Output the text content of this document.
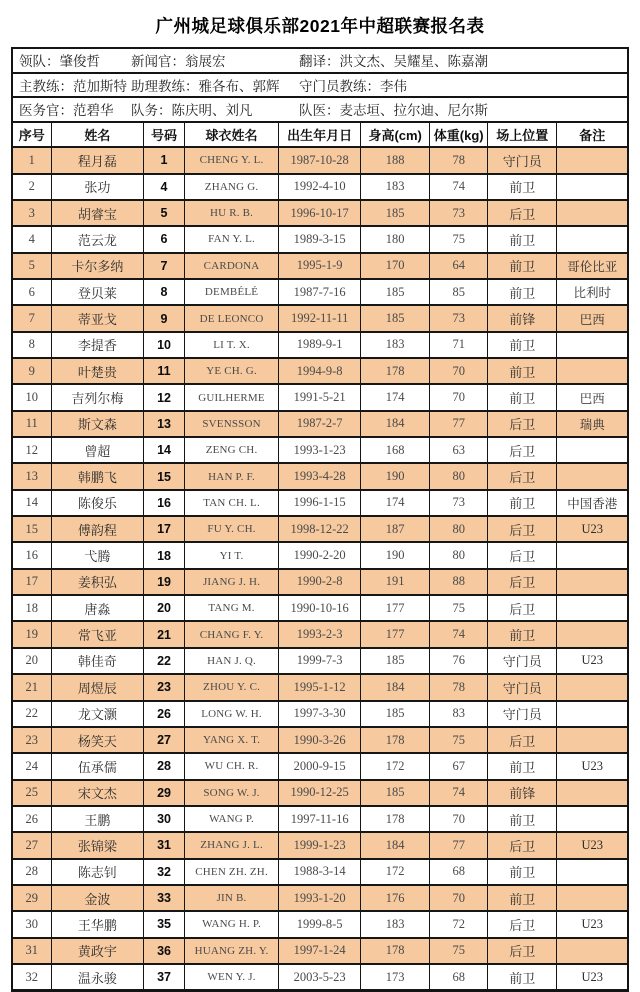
广州城足球俱乐部2021年中超联赛报名表
领队：肇俊哲	新闻官：翁展宏	翻译：洪文杰、吴耀星、陈嘉潮
主教练：范加斯特 助理教练：雅各布、郭辉	守门员教练：李伟
医务官：范碧华	队务：陈庆明、刘凡	队医：麦志垣、拉尔迪、尼尔斯
序号	姓名	号码	球衣姓名	出生年月日	身高(cm)	体重(kg)	场上位置	备注
1	程月磊	1	CHENG Y. L.	1987-10-28	188	78	守门员	
2	张功	4	ZHANG G.	1992-4-10	183	74	前卫	
3	胡睿宝	5	HU R. B.	1996-10-17	185	73	后卫	
4	范云龙	6	FAN Y. L.	1989-3-15	180	75	前卫	
5	卡尔多纳	7	CARDONA	1995-1-9	170	64	前卫	哥伦比亚
6	登贝莱	8	DEMBÉLÉ	1987-7-16	185	85	前卫	比利时
7	蒂亚戈	9	DE LEONCO	1992-11-11	185	73	前锋	巴西
8	李提香	10	LI T. X.	1989-9-1	183	71	前卫	
9	叶楚贵	11	YE CH. G.	1994-9-8	178	70	前卫	
10	吉列尔梅	12	GUILHERME	1991-5-21	174	70	前卫	巴西
11	斯文森	13	SVENSSON	1987-2-7	184	77	后卫	瑞典
12	曾超	14	ZENG CH.	1993-1-23	168	63	后卫	
13	韩鹏飞	15	HAN P. F.	1993-4-28	190	80	后卫	
14	陈俊乐	16	TAN CH. L.	1996-1-15	174	73	前卫	中国香港
15	傅韵程	17	FU Y. CH.	1998-12-22	187	80	后卫	U23
16	弋腾	18	YI T.	1990-2-20	190	80	后卫	
17	姜积弘	19	JIANG J. H.	1990-2-8	191	88	后卫	
18	唐淼	20	TANG M.	1990-10-16	177	75	后卫	
19	常飞亚	21	CHANG F. Y.	1993-2-3	177	74	前卫	
20	韩佳奇	22	HAN J. Q.	1999-7-3	185	76	守门员	U23
21	周煜辰	23	ZHOU Y. C.	1995-1-12	184	78	守门员	
22	龙文灏	26	LONG W. H.	1997-3-30	185	83	守门员	
23	杨笑天	27	YANG X. T.	1990-3-26	178	75	后卫	
24	伍承儒	28	WU CH. R.	2000-9-15	172	67	前卫	U23
25	宋文杰	29	SONG W. J.	1990-12-25	185	74	前锋	
26	王鹏	30	WANG P.	1997-11-16	178	70	前卫	
27	张锦梁	31	ZHANG J. L.	1999-1-23	184	77	后卫	U23
28	陈志钊	32	CHEN ZH. ZH.	1988-3-14	172	68	前卫	
29	金波	33	JIN B.	1993-1-20	176	70	前卫	
30	王华鹏	35	WANG H. P.	1999-8-5	183	72	后卫	U23
31	黄政宇	36	HUANG ZH. Y.	1997-1-24	178	75	后卫	
32	温永骏	37	WEN Y. J.	2003-5-23	173	68	前卫	U23
